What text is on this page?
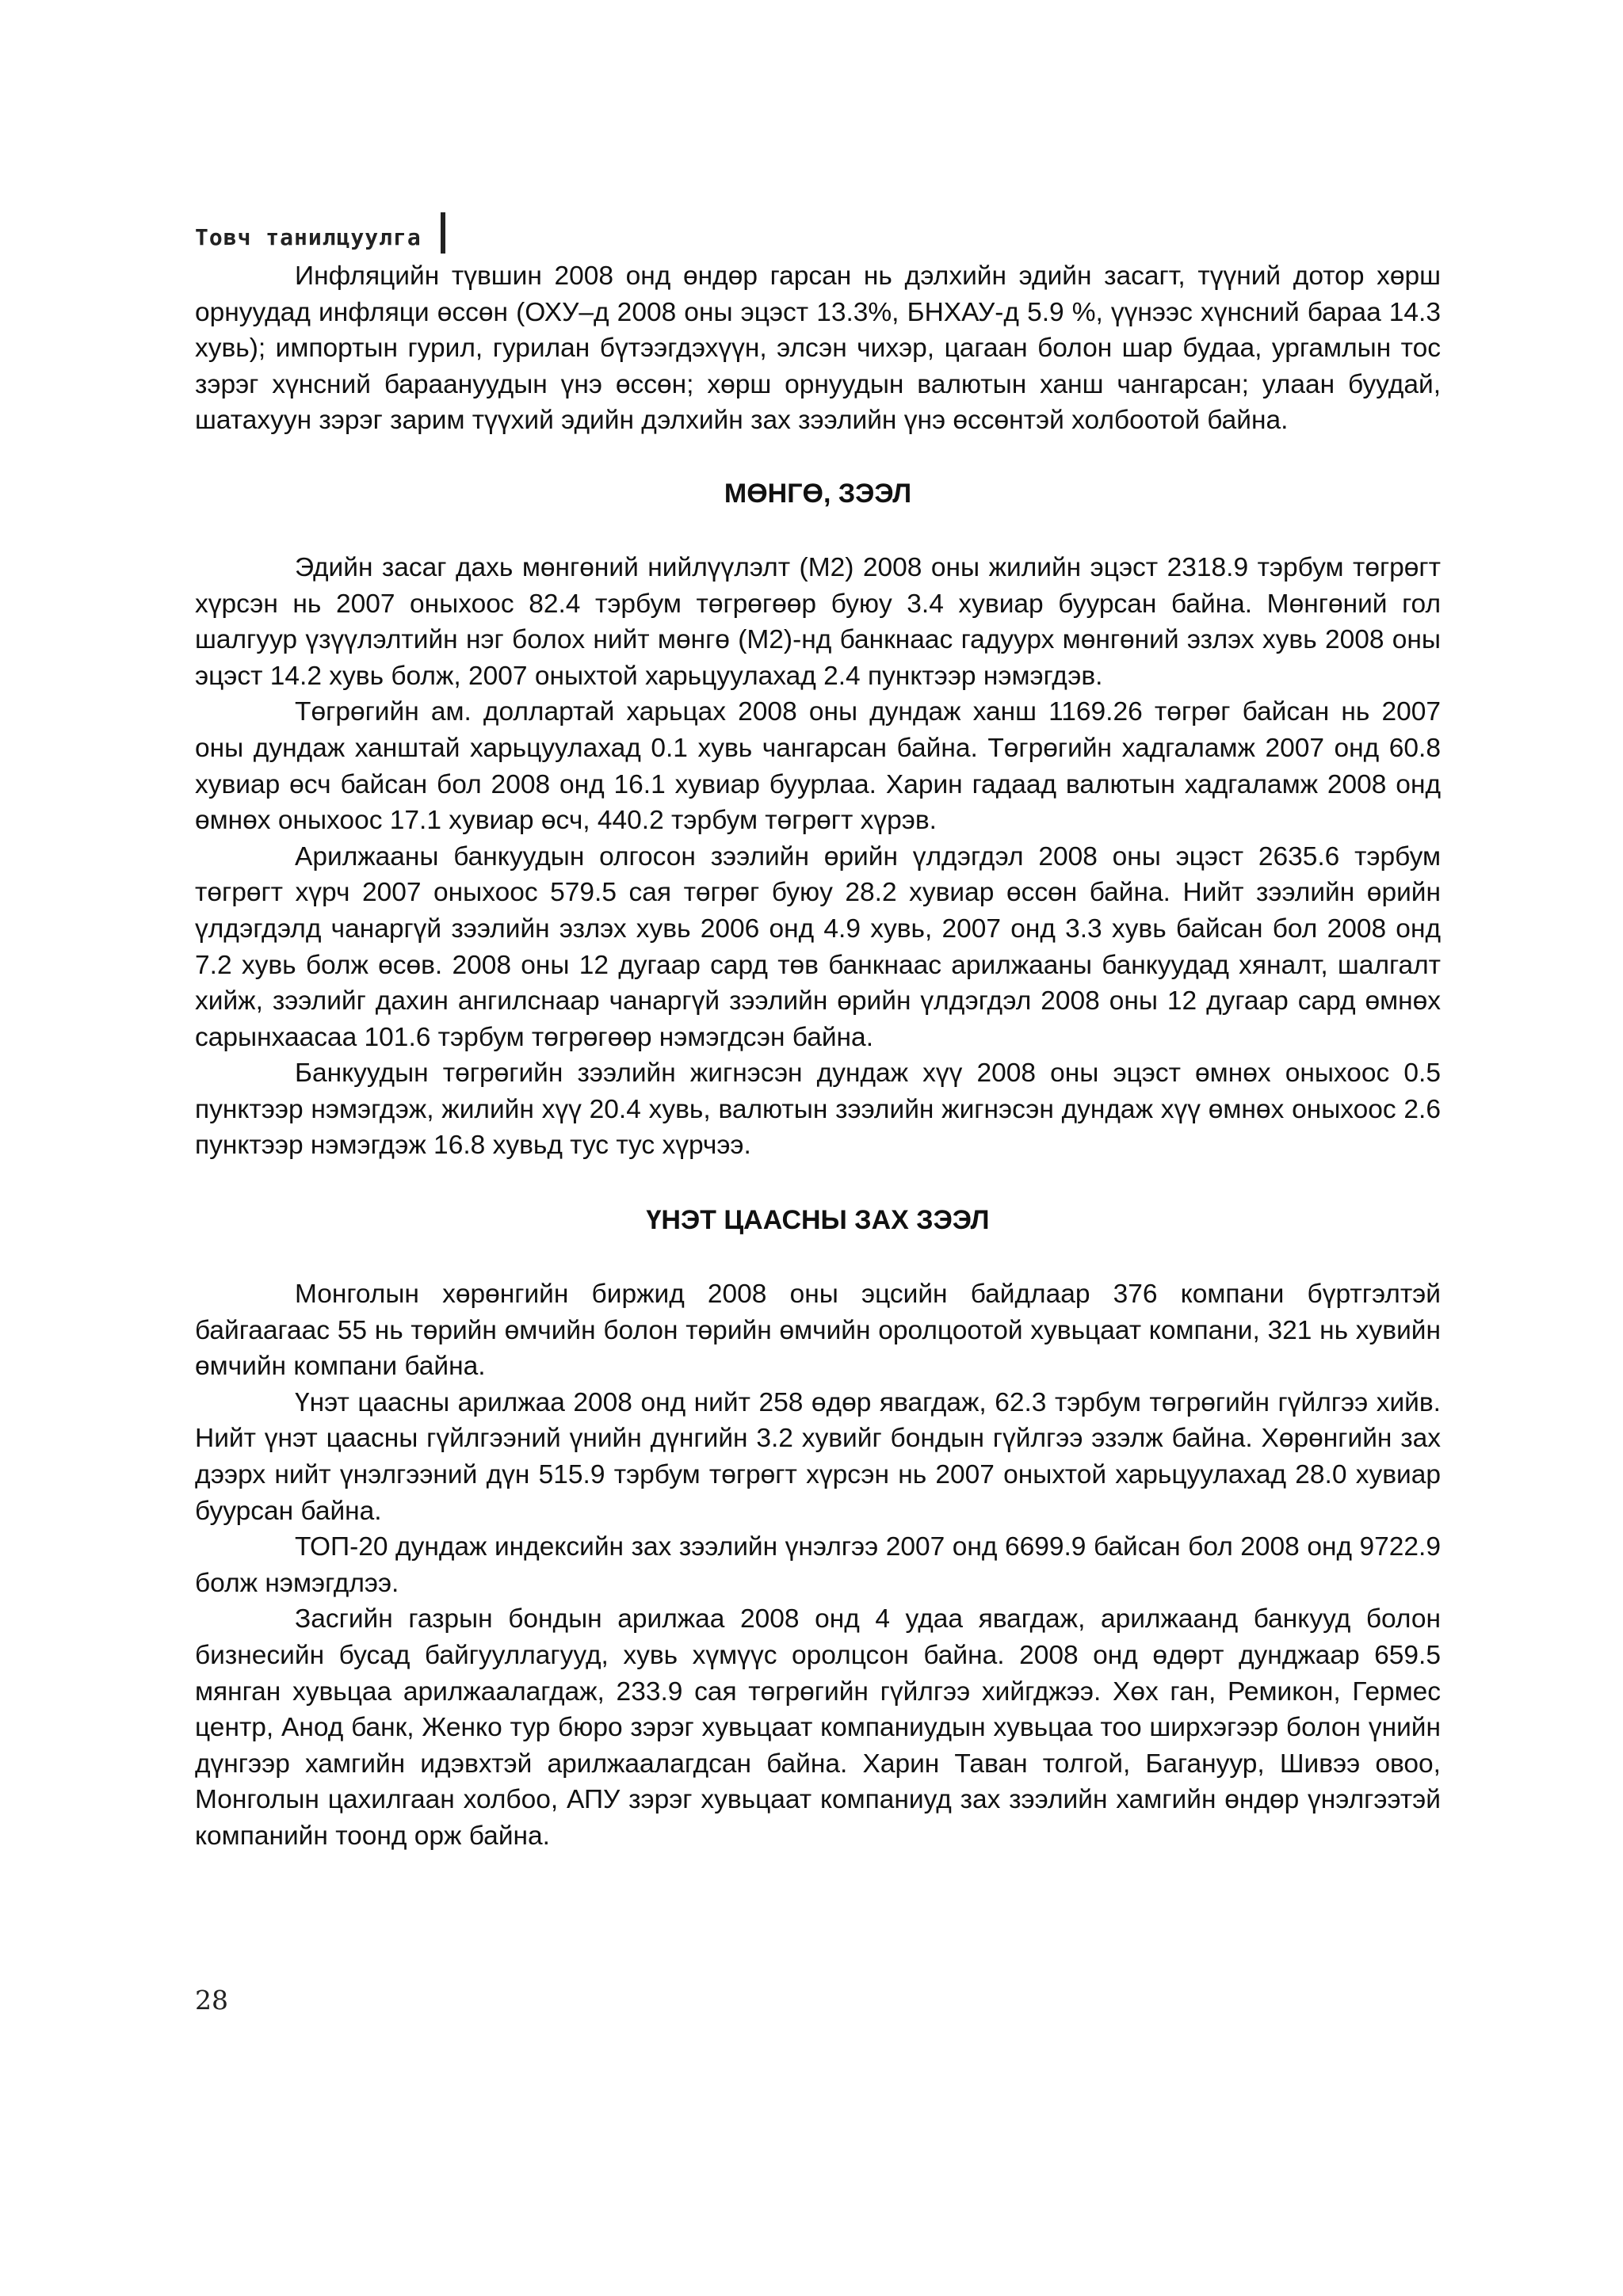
Товч танилцуулга

Инфляцийн түвшин 2008 онд өндөр гарсан нь дэлхийн эдийн засагт, түүний дотор хөрш орнуудад инфляци өссөн (ОХУ–д 2008 оны эцэст 13.3%, БНХАУ-д 5.9 %, үүнээс хүнсний бараа 14.3 хувь); импортын гурил, гурилан бүтээгдэхүүн, элсэн чихэр, цагаан болон шар будаа, ургамлын тос зэрэг хүнсний бараануудын үнэ өссөн; хөрш орнуудын валютын ханш чангарсан; улаан буудай, шатахуун зэрэг зарим түүхий эдийн дэлхийн зах зээлийн үнэ өссөнтэй холбоотой байна.

МӨНГӨ, ЗЭЭЛ

Эдийн засаг дахь мөнгөний нийлүүлэлт (М2) 2008 оны жилийн эцэст 2318.9 тэрбум төгрөгт хүрсэн нь 2007 оныхоос 82.4 тэрбум төгрөгөөр буюу 3.4 хувиар буурсан байна. Мөнгөний гол шалгуур үзүүлэлтийн нэг болох нийт мөнгө (М2)-нд банкнаас гадуурх мөнгөний эзлэх хувь 2008 оны эцэст 14.2 хувь болж, 2007 оныхтой харьцуулахад 2.4 пунктээр нэмэгдэв.

Төгрөгийн ам. доллартай харьцах 2008 оны дундаж ханш 1169.26 төгрөг байсан нь 2007 оны дундаж ханштай харьцуулахад 0.1 хувь чангарсан байна. Төгрөгийн хадгаламж 2007 онд 60.8 хувиар өсч байсан бол 2008 онд 16.1 хувиар буурлаа. Харин гадаад валютын хадгаламж 2008 онд өмнөх оныхоос 17.1 хувиар өсч, 440.2 тэрбум төгрөгт хүрэв.

Арилжааны банкуудын олгосон зээлийн өрийн үлдэгдэл 2008 оны эцэст 2635.6 тэрбум төгрөгт хүрч 2007 оныхоос 579.5 сая төгрөг буюу 28.2 хувиар өссөн байна. Нийт зээлийн өрийн үлдэгдэлд чанаргүй зээлийн эзлэх хувь 2006 онд 4.9 хувь, 2007 онд 3.3 хувь байсан бол 2008 онд 7.2 хувь болж өсөв. 2008 оны 12 дугаар сард төв банкнаас арилжааны банкуудад хяналт, шалгалт хийж, зээлийг дахин ангилснаар чанаргүй зээлийн өрийн үлдэгдэл 2008 оны 12 дугаар сард өмнөх сарынхаасаа 101.6 тэрбум төгрөгөөр нэмэгдсэн байна.

Банкуудын төгрөгийн зээлийн жигнэсэн дундаж хүү 2008 оны эцэст өмнөх оныхоос 0.5 пунктээр нэмэгдэж, жилийн хүү 20.4 хувь, валютын зээлийн жигнэсэн дундаж хүү өмнөх оныхоос 2.6 пунктээр нэмэгдэж 16.8 хувьд тус тус хүрчээ.

ҮНЭТ ЦААСНЫ ЗАХ ЗЭЭЛ

Монголын хөрөнгийн биржид 2008 оны эцсийн байдлаар 376 компани бүртгэлтэй байгаагаас 55 нь төрийн өмчийн болон төрийн өмчийн оролцоотой хувьцаат компани, 321 нь хувийн өмчийн компани байна.

Үнэт цаасны арилжаа 2008 онд нийт 258 өдөр явагдаж, 62.3 тэрбум төгрөгийн гүйлгээ хийв. Нийт үнэт цаасны гүйлгээний үнийн дүнгийн 3.2 хувийг бондын гүйлгээ эзэлж байна. Хөрөнгийн зах дээрх нийт үнэлгээний дүн 515.9 тэрбум төгрөгт хүрсэн нь 2007 оныхтой харьцуулахад 28.0 хувиар буурсан байна.

ТОП-20 дундаж индексийн зах зээлийн үнэлгээ 2007 онд 6699.9 байсан бол 2008 онд 9722.9 болж нэмэгдлээ.

Засгийн газрын бондын арилжаа 2008 онд 4 удаа явагдаж, арилжаанд банкууд болон бизнесийн бусад байгууллагууд, хувь хүмүүс оролцсон байна. 2008 онд өдөрт дунджаар 659.5 мянган хувьцаа арилжаалагдаж, 233.9 сая төгрөгийн гүйлгээ хийгджээ. Хөх ган, Ремикон, Гермес центр, Анод банк, Женко тур бюро зэрэг хувьцаат компаниудын хувьцаа тоо ширхэгээр болон үнийн дүнгээр хамгийн идэвхтэй арилжаалагдсан байна. Харин Таван толгой, Багануур, Шивээ овоо, Монголын цахилгаан холбоо, АПУ зэрэг хувьцаат компаниуд зах зээлийн хамгийн өндөр үнэлгээтэй компанийн тоонд орж байна.

28
